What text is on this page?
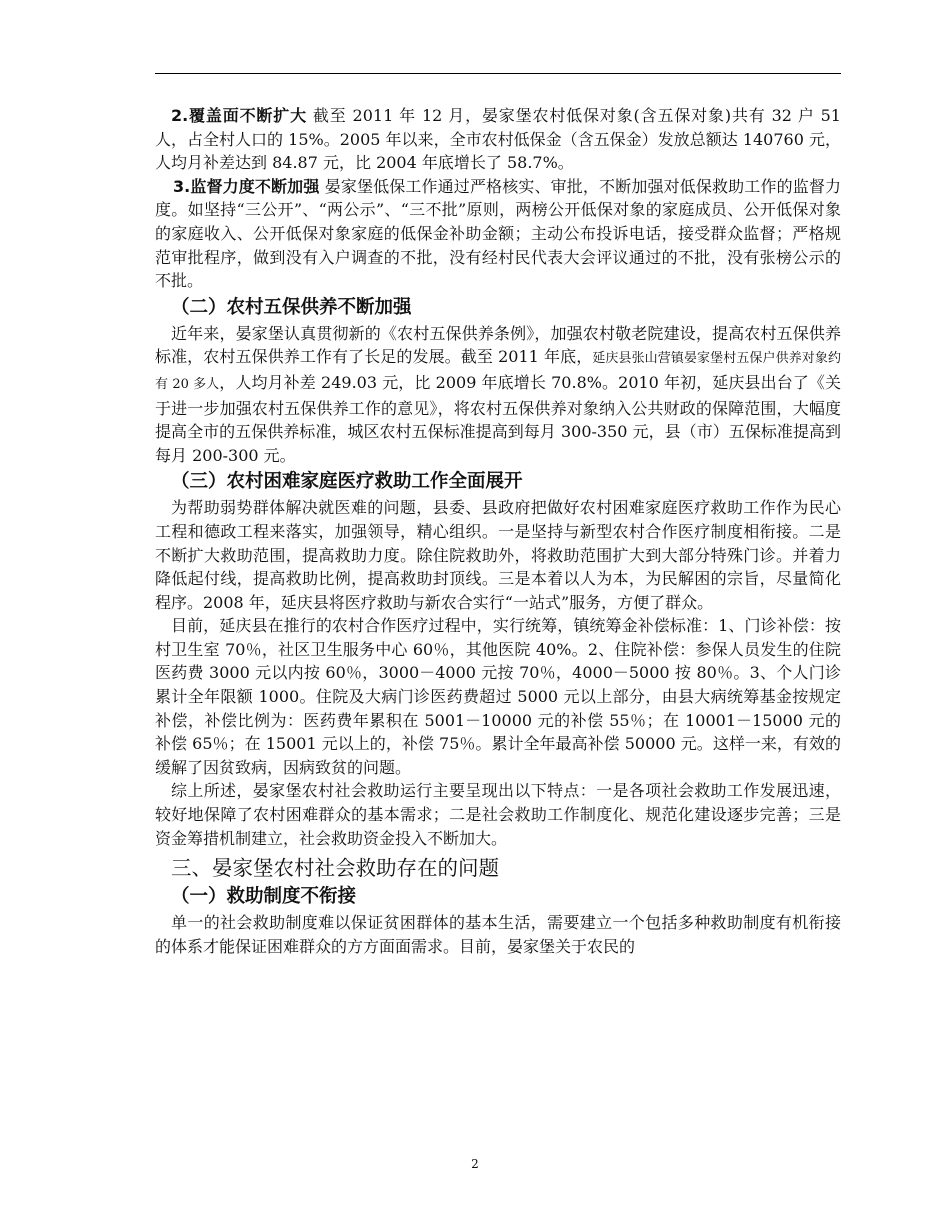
2.覆盖面不断扩大 截至 2011 年 12 月，晏家堡农村低保对象(含五保对象)共有 32 户 51 人，占全村人口的 15%。2005 年以来，全市农村低保金（含五保金）发放总额达 140760 元，人均月补差达到 84.87 元，比 2004 年底增长了 58.7%。

3.监督力度不断加强 晏家堡低保工作通过严格核实、审批，不断加强对低保救助工作的监督力度。如坚持“三公开”、“两公示”、“三不批”原则，两榜公开低保对象的家庭成员、公开低保对象的家庭收入、公开低保对象家庭的低保金补助金额；主动公布投诉电话，接受群众监督；严格规范审批程序，做到没有入户调查的不批，没有经村民代表大会评议通过的不批，没有张榜公示的不批。

（二）农村五保供养不断加强

近年来，晏家堡认真贯彻新的《农村五保供养条例》，加强农村敬老院建设，提高农村五保供养标准，农村五保供养工作有了长足的发展。截至 2011 年底，延庆县张山营镇晏家堡村五保户供养对象约有 20 多人，人均月补差 249.03 元，比 2009 年底增长 70.8%。2010 年初，延庆县出台了《关于进一步加强农村五保供养工作的意见》，将农村五保供养对象纳入公共财政的保障范围，大幅度提高全市的五保供养标准，城区农村五保标准提高到每月 300-350 元，县（市）五保标准提高到每月 200-300 元。

（三）农村困难家庭医疗救助工作全面展开

为帮助弱势群体解决就医难的问题，县委、县政府把做好农村困难家庭医疗救助工作作为民心工程和德政工程来落实，加强领导，精心组织。一是坚持与新型农村合作医疗制度相衔接。二是不断扩大救助范围，提高救助力度。除住院救助外，将救助范围扩大到大部分特殊门诊。并着力降低起付线，提高救助比例，提高救助封顶线。三是本着以人为本，为民解困的宗旨，尽量简化程序。2008 年，延庆县将医疗救助与新农合实行“一站式”服务，方便了群众。

目前，延庆县在推行的农村合作医疗过程中，实行统筹，镇统筹金补偿标准：1、门诊补偿：按村卫生室 70％，社区卫生服务中心 60％，其他医院 40%。2、住院补偿：参保人员发生的住院医药费 3000 元以内按 60％，3000－4000 元按 70％，4000－5000 按 80％。3、个人门诊累计全年限额 1000。住院及大病门诊医药费超过 5000 元以上部分，由县大病统筹基金按规定补偿，补偿比例为：医药费年累积在 5001－10000 元的补偿 55％；在 10001－15000 元的补偿 65％；在 15001 元以上的，补偿 75％。累计全年最高补偿 50000 元。这样一来，有效的缓解了因贫致病，因病致贫的问题。

综上所述，晏家堡农村社会救助运行主要呈现出以下特点：一是各项社会救助工作发展迅速，较好地保障了农村困难群众的基本需求；二是社会救助工作制度化、规范化建设逐步完善；三是资金筹措机制建立，社会救助资金投入不断加大。

三、晏家堡农村社会救助存在的问题
（一）救助制度不衔接

单一的社会救助制度难以保证贫困群体的基本生活，需要建立一个包括多种救助制度有机衔接的体系才能保证困难群众的方方面面需求。目前，晏家堡关于农民的

2
